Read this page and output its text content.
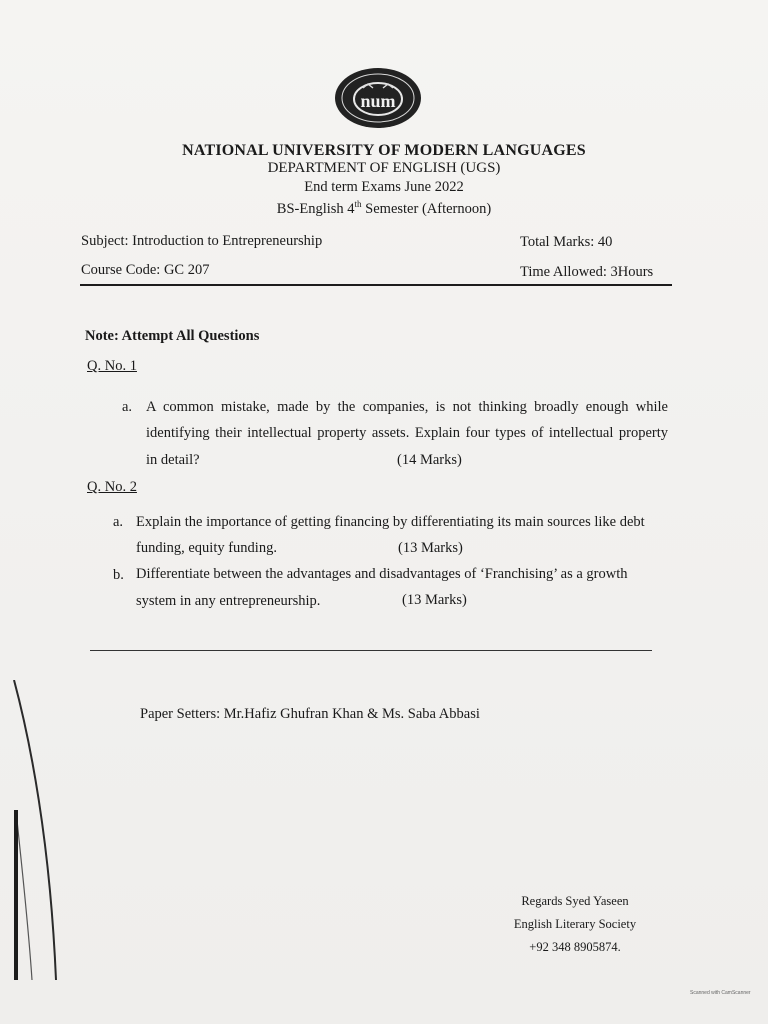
num
NATIONAL UNIVERSITY OF MODERN LANGUAGES
DEPARTMENT OF ENGLISH (UGS)
End term Exams June 2022
BS-English 4th Semester (Afternoon)
Subject: Introduction to Entrepreneurship	Total Marks: 40
Course Code: GC 207	Time Allowed: 3Hours
Note: Attempt All Questions
Q. No. 1
a. A common mistake, made by the companies, is not thinking broadly enough while
identifying their intellectual property assets. Explain four types of intellectual property
in detail?	(14 Marks)
Q. No. 2
a. Explain the importance of getting financing by differentiating its main sources like debt
funding, equity funding.	(13 Marks)
b. Differentiate between the advantages and disadvantages of ‘Franchising’ as a growth
system in any entrepreneurship.	(13 Marks)
Paper Setters: Mr.Hafiz Ghufran Khan & Ms. Saba Abbasi
Regards Syed Yaseen
English Literary Society
+92 348 8905874.
Scanned with CamScanner
